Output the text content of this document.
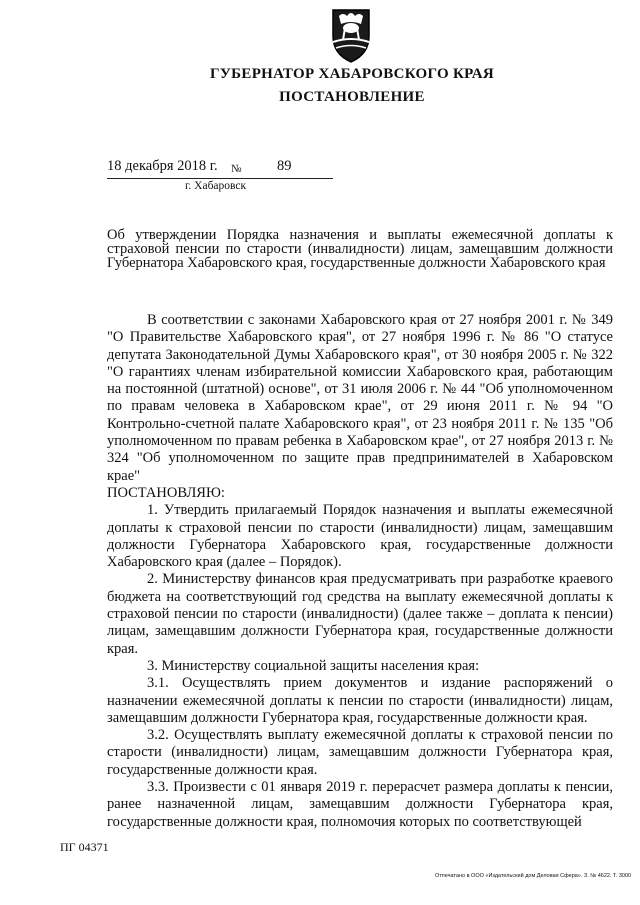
ГУБЕРНАТОР ХАБАРОВСКОГО КРАЯ
ПОСТАНОВЛЕНИЕ
18 декабря 2018 г. № 89
г. Хабаровск
Об утверждении Порядка назначения и выплаты ежемесячной доплаты к страховой пенсии по старости (инвалидности) лицам, замещавшим должности Губернатора Хабаровского края, государственные должности Хабаровского края

В соответствии с законами Хабаровского края от 27 ноября 2001 г. № 349 "О Правительстве Хабаровского края", от 27 ноября 1996 г. № 86 "О статусе депутата Законодательной Думы Хабаровского края", от 30 ноября 2005 г. № 322 "О гарантиях членам избирательной комиссии Хабаровского края, работающим на постоянной (штатной) основе", от 31 июля 2006 г. № 44 "Об уполномоченном по правам человека в Хабаровском крае", от 29 июня 2011 г. № 94 "О Контрольно-счетной палате Хабаровского края", от 23 ноября 2011 г. № 135 "Об уполномоченном по правам ребенка в Хабаровском крае", от 27 ноября 2013 г. № 324 "Об уполномоченном по защите прав предпринимателей в Хабаровском крае"

ПОСТАНОВЛЯЮ:

1. Утвердить прилагаемый Порядок назначения и выплаты ежемесячной доплаты к страховой пенсии по старости (инвалидности) лицам, замещавшим должности Губернатора Хабаровского края, государственные должности Хабаровского края (далее – Порядок).

2. Министерству финансов края предусматривать при разработке краевого бюджета на соответствующий год средства на выплату ежемесячной доплаты к страховой пенсии по старости (инвалидности) (далее также – доплата к пенсии) лицам, замещавшим должности Губернатора края, государственные должности края.

3. Министерству социальной защиты населения края:

3.1. Осуществлять прием документов и издание распоряжений о назначении ежемесячной доплаты к пенсии по старости (инвалидности) лицам, замещавшим должности Губернатора края, государственные должности края.

3.2. Осуществлять выплату ежемесячной доплаты к страховой пенсии по старости (инвалидности) лицам, замещавшим должности Губернатора края, государственные должности края.

3.3. Произвести с 01 января 2019 г. перерасчет размера доплаты к пенсии, ранее назначенной лицам, замещавшим должности Губернатора края, государственные должности края, полномочия которых по соответствующей

ПГ 04371
Отпечатано в ООО «Издательский дом Деловая Сфера». З. № 4622. Т. 3000
